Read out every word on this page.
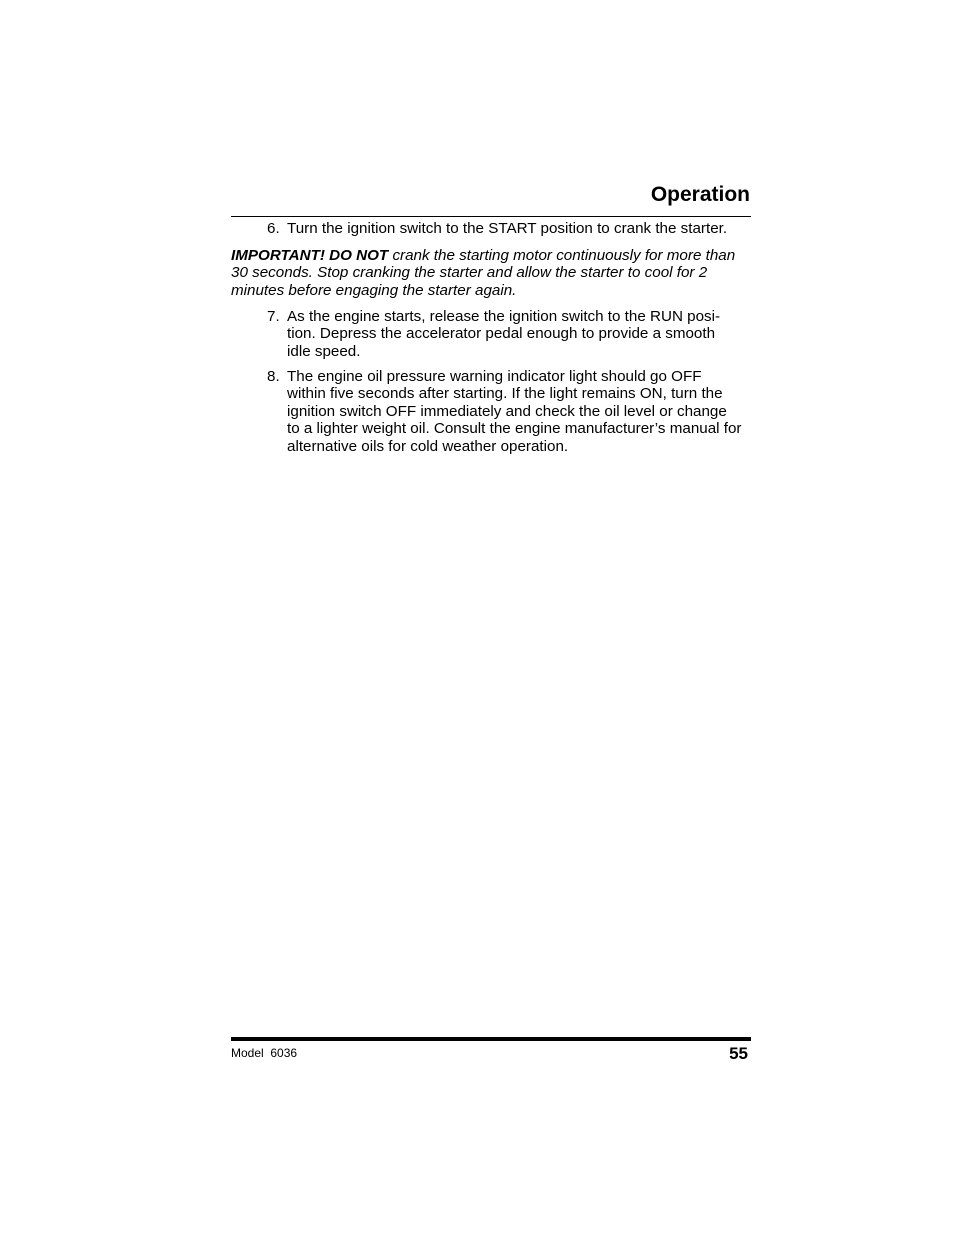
Operation
6. Turn the ignition switch to the START position to crank the starter.
IMPORTANT! DO NOT crank the starting motor continuously for more than
30 seconds. Stop cranking the starter and allow the starter to cool for 2
minutes before engaging the starter again.
7. As the engine starts, release the ignition switch to the RUN posi-
tion. Depress the accelerator pedal enough to provide a smooth
idle speed.
8. The engine oil pressure warning indicator light should go OFF
within five seconds after starting. If the light remains ON, turn the
ignition switch OFF immediately and check the oil level or change
to a lighter weight oil. Consult the engine manufacturer’s manual for
alternative oils for cold weather operation.
Model  6036	55
